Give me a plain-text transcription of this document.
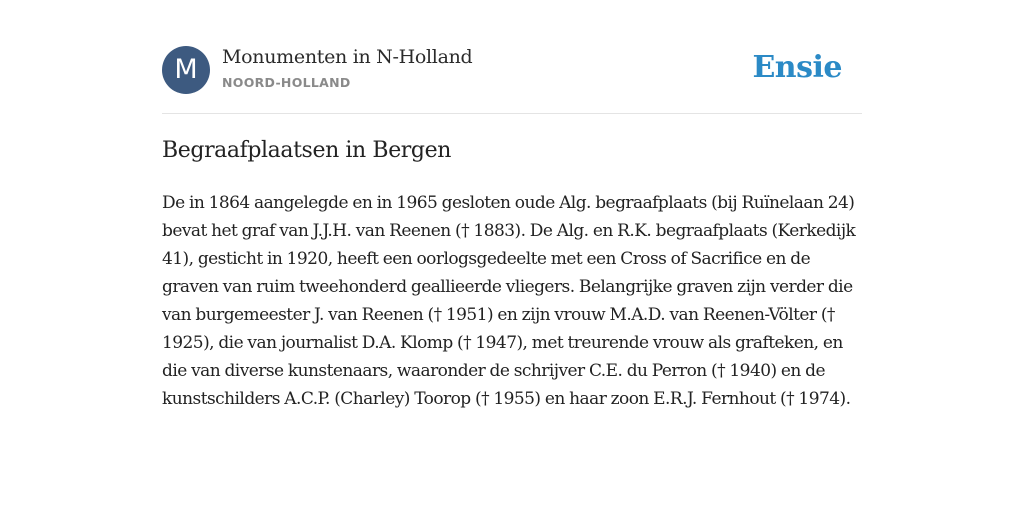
M	Monumenten in N-Holland
NOORD-HOLLAND	Ensie
Begraafplaatsen in Bergen

De in 1864 aangelegde en in 1965 gesloten oude Alg. begraafplaats (bij Ruïnelaan 24) bevat het graf van J.J.H. van Reenen († 1883). De Alg. en R.K. begraafplaats (Kerkedijk 41), gesticht in 1920, heeft een oorlogsgedeelte met een Cross of Sacrifice en de graven van ruim tweehonderd geallieerde vliegers. Belangrijke graven zijn verder die van burgemeester J. van Reenen († 1951) en zijn vrouw M.A.D. van Reenen-Völter († 1925), die van journalist D.A. Klomp († 1947), met treurende vrouw als grafteken, en die van diverse kunstenaars, waaronder de schrijver C.E. du Perron († 1940) en de kunstschilders A.C.P. (Charley) Toorop († 1955) en haar zoon E.R.J. Fernhout († 1974).
